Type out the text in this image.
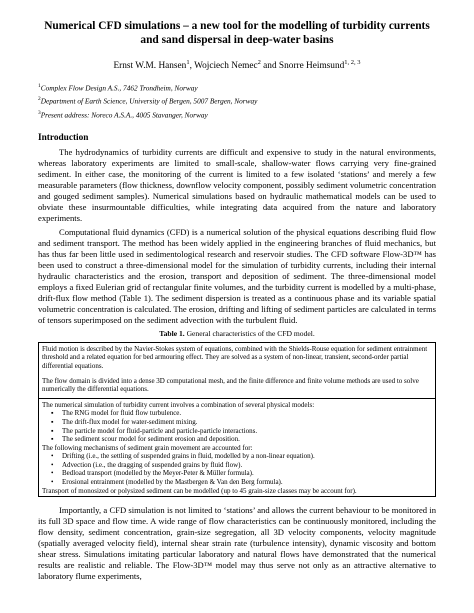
Numerical CFD simulations – a new tool for the modelling of turbidity currents
and sand dispersal in deep-water basins
Ernst W.M. Hansen$^1$, Wojciech Nemec$^2$ and Snorre Heimsund$^{1, 2, 3}$
$^1$Complex Flow Design A.S., 7462 Trondheim, Norway
$^2$Department of Earth Science, University of Bergen, 5007 Bergen, Norway
$^3$Present address: Noreco A.S.A., 4005 Stavanger, Norway
Introduction

The hydrodynamics of turbidity currents are difficult and expensive to study in the natural environments, whereas laboratory experiments are limited to small-scale, shallow-water flows carrying very fine-grained sediment. In either case, the monitoring of the current is limited to a few isolated ‘stations’ and merely a few measurable parameters (flow thickness, downflow velocity component, possibly sediment volumetric concentration and gouged sediment samples). Numerical simulations based on hydraulic mathematical models can be used to obviate these insurmountable difficulties, while integrating data acquired from the nature and laboratory experiments.

Computational fluid dynamics (CFD) is a numerical solution of the physical equations describing fluid flow and sediment transport. The method has been widely applied in the engineering branches of fluid mechanics, but has thus far been little used in sedimentological research and reservoir studies. The CFD software Flow-3D™ has been used to construct a three-dimensional model for the simulation of turbidity currents, including their internal hydraulic characteristics and the erosion, transport and deposition of sediment. The three-dimensional model employs a fixed Eulerian grid of rectangular finite volumes, and the turbidity current is modelled by a multi-phase, drift-flux flow method (Table 1). The sediment dispersion is treated as a continuous phase and its variable spatial volumetric concentration is calculated. The erosion, drifting and lifting of sediment particles are calculated in terms of tensors superimposed on the sediment advection with the turbulent fluid.

Table 1. General characteristics of the CFD model.

Fluid motion is described by the Navier-Stokes system of equations, combined with the Shields-Rouse equation for sediment entrainment threshold and a related equation for bed armouring effect. They are solved as a system of non-linear, transient, second-order partial differential equations.

The flow domain is divided into a dense 3D computational mesh, and the finite difference and finite volume methods are used to solve numerically the differential equations.

The numerical simulation of turbidity current involves a combination of several physical models:

▪ The RNG model for fluid flow turbulence.
▪ The drift-flux model for water-sediment mixing.
▪ The particle model for fluid-particle and particle-particle interactions.
▪ The sediment scour model for sediment erosion and deposition.

The following mechanisms of sediment grain movement are accounted for:

• Drifting (i.e., the settling of suspended grains in fluid, modelled by a non-linear equation).
• Advection (i.e., the dragging of suspended grains by fluid flow).
• Bedload transport (modelled by the Meyer-Peter & Müller formula).
• Erosional entrainment (modelled by the Mastbergen & Van den Berg formula).

Transport of monosized or polysized sediment can be modelled (up to 45 grain-size classes may be account for).

Importantly, a CFD simulation is not limited to ‘stations’ and allows the current behaviour to be monitored in its full 3D space and flow time. A wide range of flow characteristics can be continuously monitored, including the flow density, sediment concentration, grain-size segregation, all 3D velocity components, velocity magnitude (spatially averaged velocity field), internal shear strain rate (turbulence intensity), dynamic viscosity and bottom shear stress. Simulations imitating particular laboratory and natural flows have demonstrated that the numerical results are realistic and reliable. The Flow-3D™ model may thus serve not only as an attractive alternative to laboratory flume experiments,
